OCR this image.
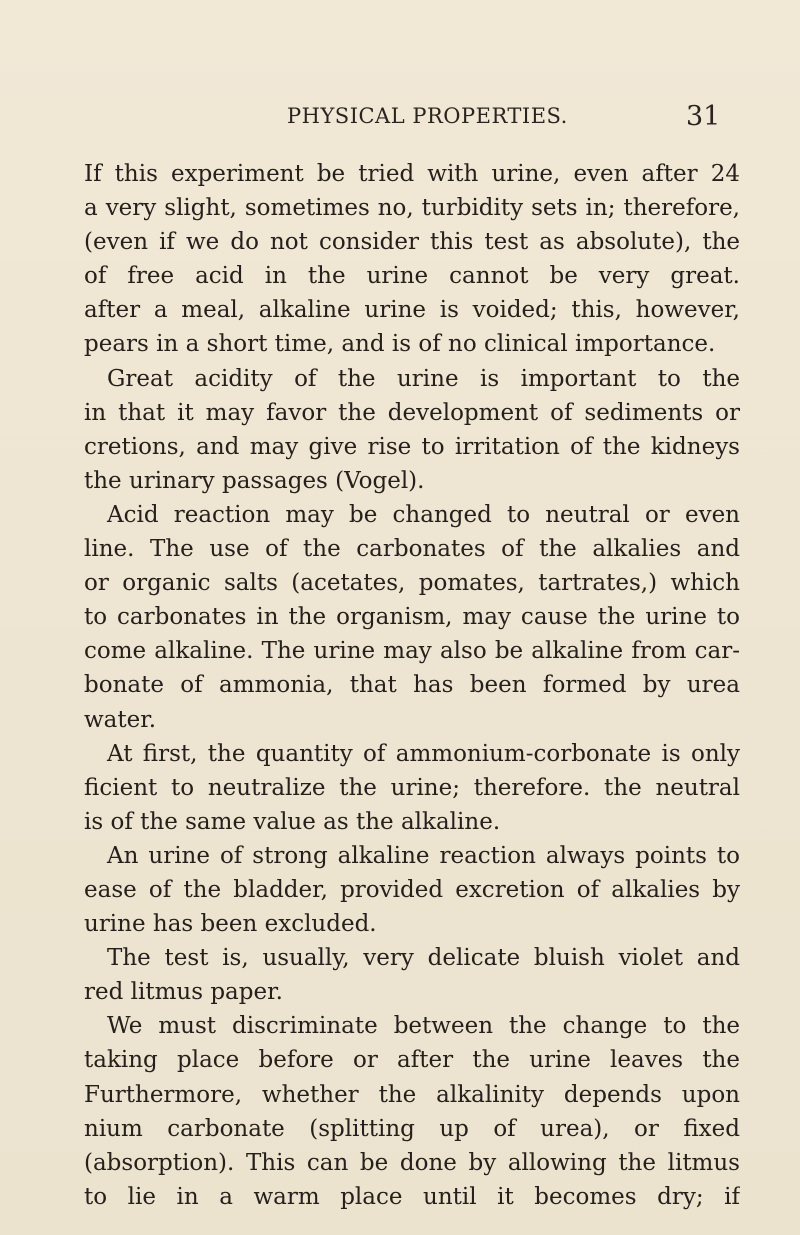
PHYSICAL PROPERTIES.	31
If this experiment be tried with urine, even after 24
a very slight, sometimes no, turbidity sets in; therefore,
(even if we do not consider this test as absolute), the
of free acid in the urine cannot be very great.
after a meal, alkaline urine is voided; this, however,
pears in a short time, and is of no clinical importance.
Great acidity of the urine is important to the
in that it may favor the development of sediments or
cretions, and may give rise to irritation of the kidneys
the urinary passages (Vogel).
Acid reaction may be changed to neutral or even
line. The use of the carbonates of the alkalies and
or organic salts (acetates, pomates, tartrates,) which
to carbonates in the organism, may cause the urine to
come alkaline. The urine may also be alkaline from car-
bonate of ammonia, that has been formed by urea
water.
At first, the quantity of ammonium-corbonate is only
ficient to neutralize the urine; therefore. the neutral
is of the same value as the alkaline.
An urine of strong alkaline reaction always points to
ease of the bladder, provided excretion of alkalies by
urine has been excluded.
The test is, usually, very delicate bluish violet and
red litmus paper.
We must discriminate between the change to the
taking place before or after the urine leaves the
Furthermore, whether the alkalinity depends upon
nium carbonate (splitting up of urea), or fixed
(absorption). This can be done by allowing the litmus
to lie in a warm place until it becomes dry; if
